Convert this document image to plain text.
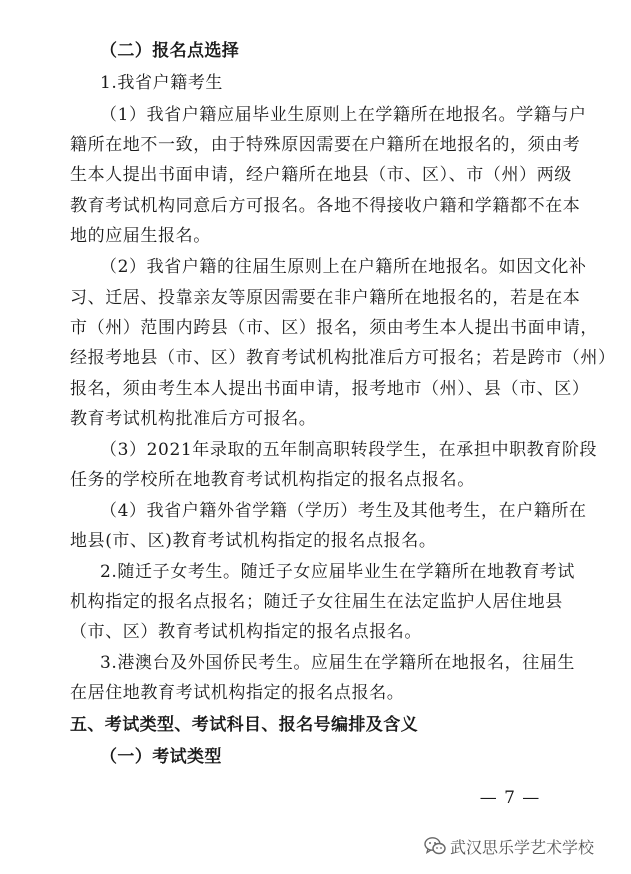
（二）报名点选择
1.我省户籍考生
（1）我省户籍应届毕业生原则上在学籍所在地报名。学籍与户
籍所在地不一致，由于特殊原因需要在户籍所在地报名的，须由考
生本人提出书面申请，经户籍所在地县（市、区）、市（州）两级
教育考试机构同意后方可报名。各地不得接收户籍和学籍都不在本
地的应届生报名。
（2）我省户籍的往届生原则上在户籍所在地报名。如因文化补
习、迁居、投靠亲友等原因需要在非户籍所在地报名的，若是在本
市（州）范围内跨县（市、区）报名，须由考生本人提出书面申请，
经报考地县（市、区）教育考试机构批准后方可报名；若是跨市（州）
报名，须由考生本人提出书面申请，报考地市（州）、县（市、区）
教育考试机构批准后方可报名。
（3）2021年录取的五年制高职转段学生，在承担中职教育阶段
任务的学校所在地教育考试机构指定的报名点报名。
（4）我省户籍外省学籍（学历）考生及其他考生，在户籍所在
地县(市、区)教育考试机构指定的报名点报名。
2.随迁子女考生。随迁子女应届毕业生在学籍所在地教育考试
机构指定的报名点报名；随迁子女往届生在法定监护人居住地县
（市、区）教育考试机构指定的报名点报名。
3.港澳台及外国侨民考生。应届生在学籍所在地报名，往届生
在居住地教育考试机构指定的报名点报名。
五、考试类型、考试科目、报名号编排及含义
（一）考试类型
— 7 —
武汉思乐学艺术学校
